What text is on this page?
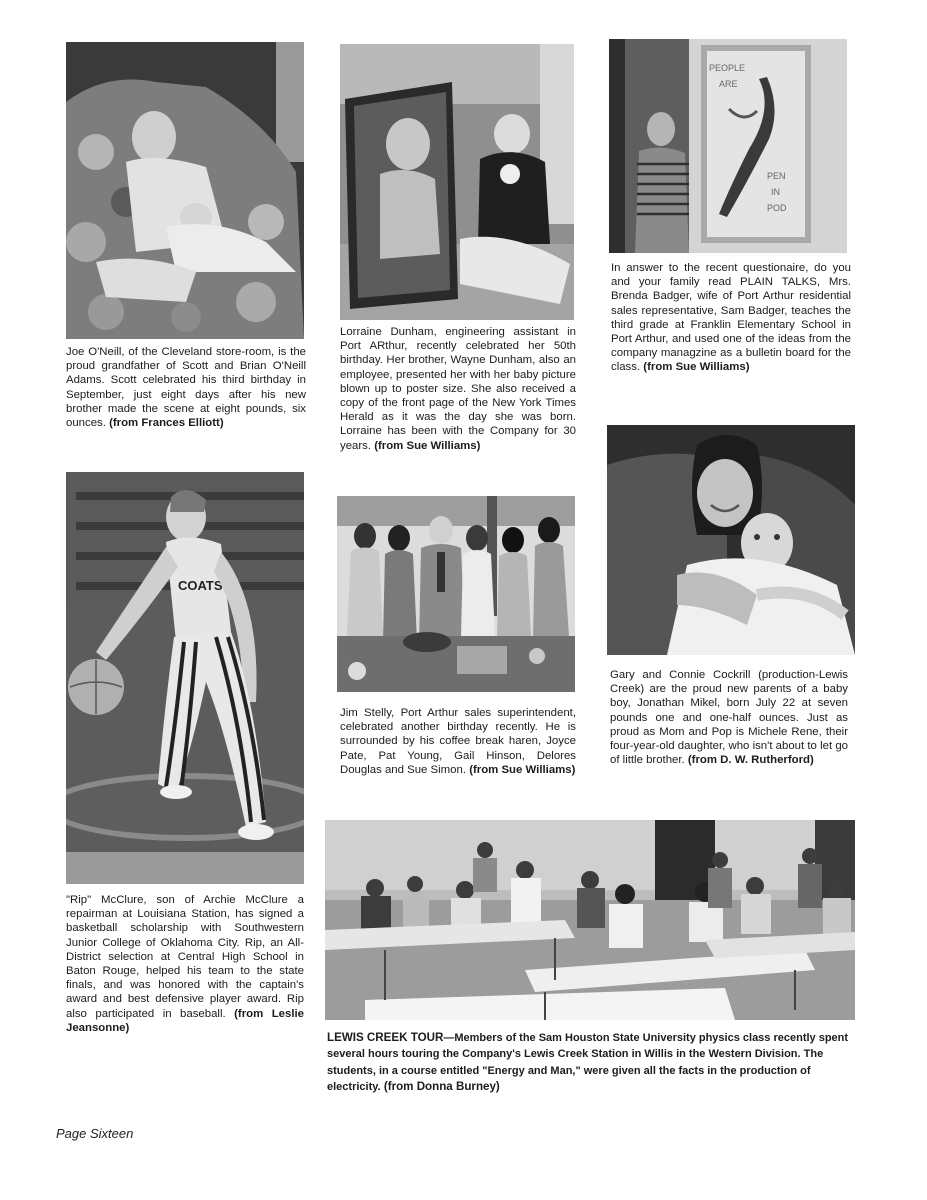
PEOPLE
ARE
PEN
IN
POD
COATS

Joe O'Neill, of the Cleveland store-room, is the proud grandfather of Scott and Brian O'Neill Adams. Scott celebrated his third birthday in September, just eight days after his new brother made the scene at eight pounds, six ounces. (from Frances Elliott)

Lorraine Dunham, engineering assistant in Port ARthur, recently celebrated her 50th birthday. Her brother, Wayne Dunham, also an employee, presented her with her baby picture blown up to poster size. She also received a copy of the front page of the New York Times Herald as it was the day she was born. Lorraine has been with the Company for 30 years. (from Sue Williams)

In answer to the recent questionaire, do you and your family read PLAIN TALKS, Mrs. Brenda Badger, wife of Port Arthur residential sales representative, Sam Badger, teaches the third grade at Franklin Elementary School in Port Arthur, and used one of the ideas from the company managzine as a bulletin board for the class. (from Sue Williams)

"Rip" McClure, son of Archie McClure a repairman at Louisiana Station, has signed a basketball scholarship with Southwestern Junior College of Oklahoma City. Rip, an All-District selection at Central High School in Baton Rouge, helped his team to the state finals, and was honored with the captain's award and best defensive player award. Rip also participated in baseball. (from Leslie Jeansonne)

Jim Stelly, Port Arthur sales superintendent, celebrated another birthday recently. He is surrounded by his coffee break haren, Joyce Pate, Pat Young, Gail Hinson, Delores Douglas and Sue Simon. (from Sue Williams)

Gary and Connie Cockrill (production-Lewis Creek) are the proud new parents of a baby boy, Jonathan Mikel, born July 22 at seven pounds one and one-half ounces. Just as proud as Mom and Pop is Michele Rene, their four-year-old daughter, who isn't about to let go of little brother. (from D. W. Rutherford)

LEWIS CREEK TOUR—Members of the Sam Houston State University physics class recently spent several hours touring the Company's Lewis Creek Station in Willis in the Western Division. The students, in a course entitled "Energy and Man," were given all the facts in the production of electricity. (from Donna Burney)

Page Sixteen
